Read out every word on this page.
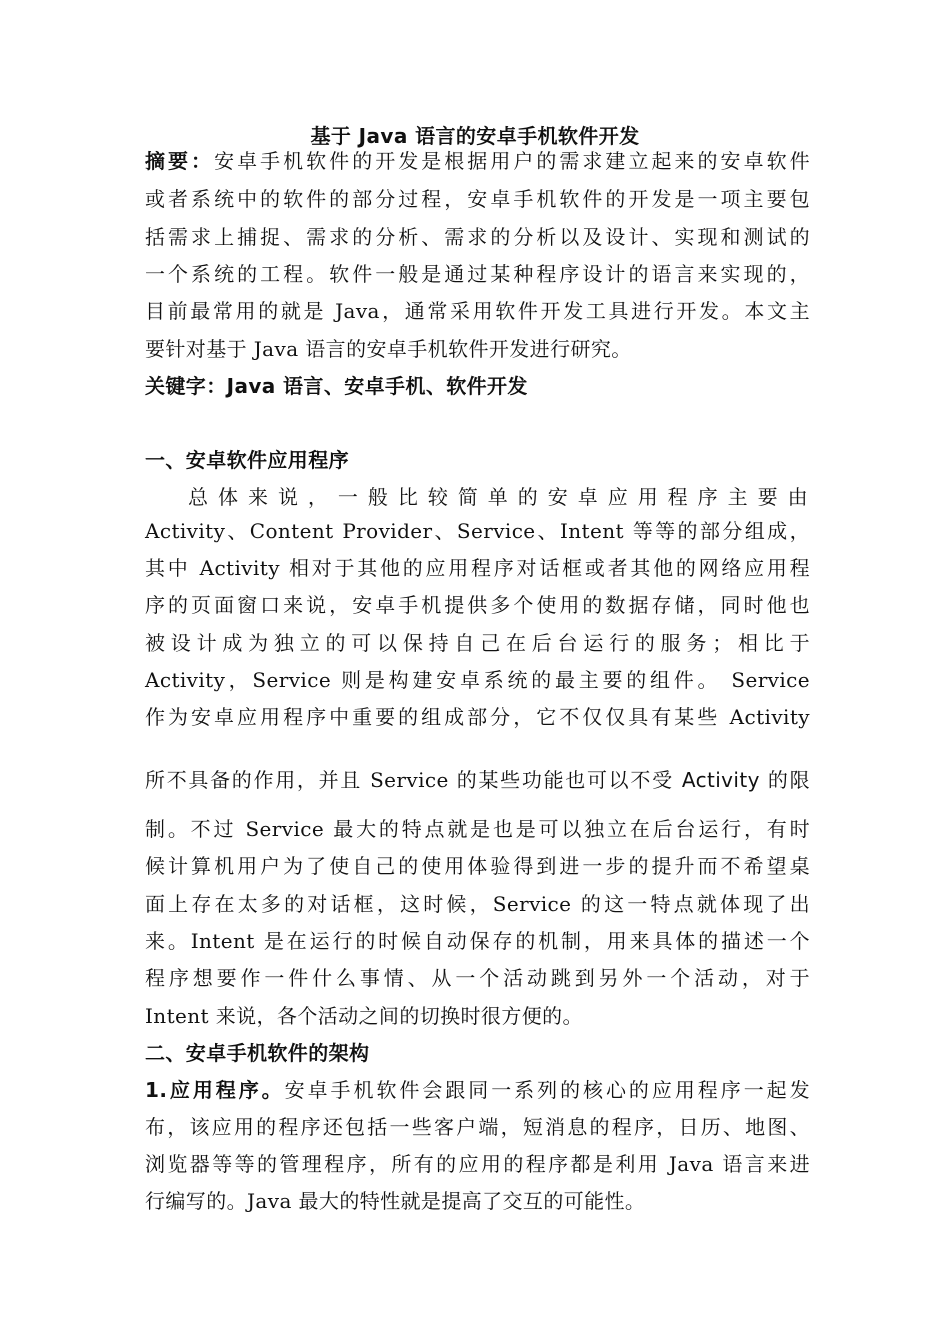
基于 Java 语言的安卓手机软件开发
摘要：安卓手机软件的开发是根据用户的需求建立起来的安卓软件
或者系统中的软件的部分过程，安卓手机软件的开发是一项主要包
括需求上捕捉、需求的分析、需求的分析以及设计、实现和测试的
一个系统的工程。软件一般是通过某种程序设计的语言来实现的，
目前最常用的就是 Java，通常采用软件开发工具进行开发。本文主
要针对基于 Java 语言的安卓手机软件开发进行研究。
关键字：Java 语言、安卓手机、软件开发
一、安卓软件应用程序
总 体 来 说 ， 一 般 比 较 简 单 的 安 卓 应 用 程 序 主 要 由
Activity、Content Provider、Service、Intent 等等的部分组成，
其中 Activity 相对于其他的应用程序对话框或者其他的网络应用程
序的页面窗口来说，安卓手机提供多个使用的数据存储，同时他也
被设计成为独立的可以保持自己在后台运行的服务；相比于
Activity，Service 则是构建安卓系统的最主要的组件。 Service
作为安卓应用程序中重要的组成部分，它不仅仅具有某些 Activity
所不具备的作用，并且 Service 的某些功能也可以不受 Activity 的限
制。不过 Service 最大的特点就是也是可以独立在后台运行，有时
候计算机用户为了使自己的使用体验得到进一步的提升而不希望桌
面上存在太多的对话框，这时候，Service 的这一特点就体现了出
来。Intent 是在运行的时候自动保存的机制，用来具体的描述一个
程序想要作一件什么事情、从一个活动跳到另外一个活动，对于
Intent 来说，各个活动之间的切换时很方便的。
二、安卓手机软件的架构
1.应用程序。安卓手机软件会跟同一系列的核心的应用程序一起发
布，该应用的程序还包括一些客户端，短消息的程序，日历、地图、
浏览器等等的管理程序，所有的应用的程序都是利用 Java 语言来进
行编写的。Java 最大的特性就是提高了交互的可能性。
